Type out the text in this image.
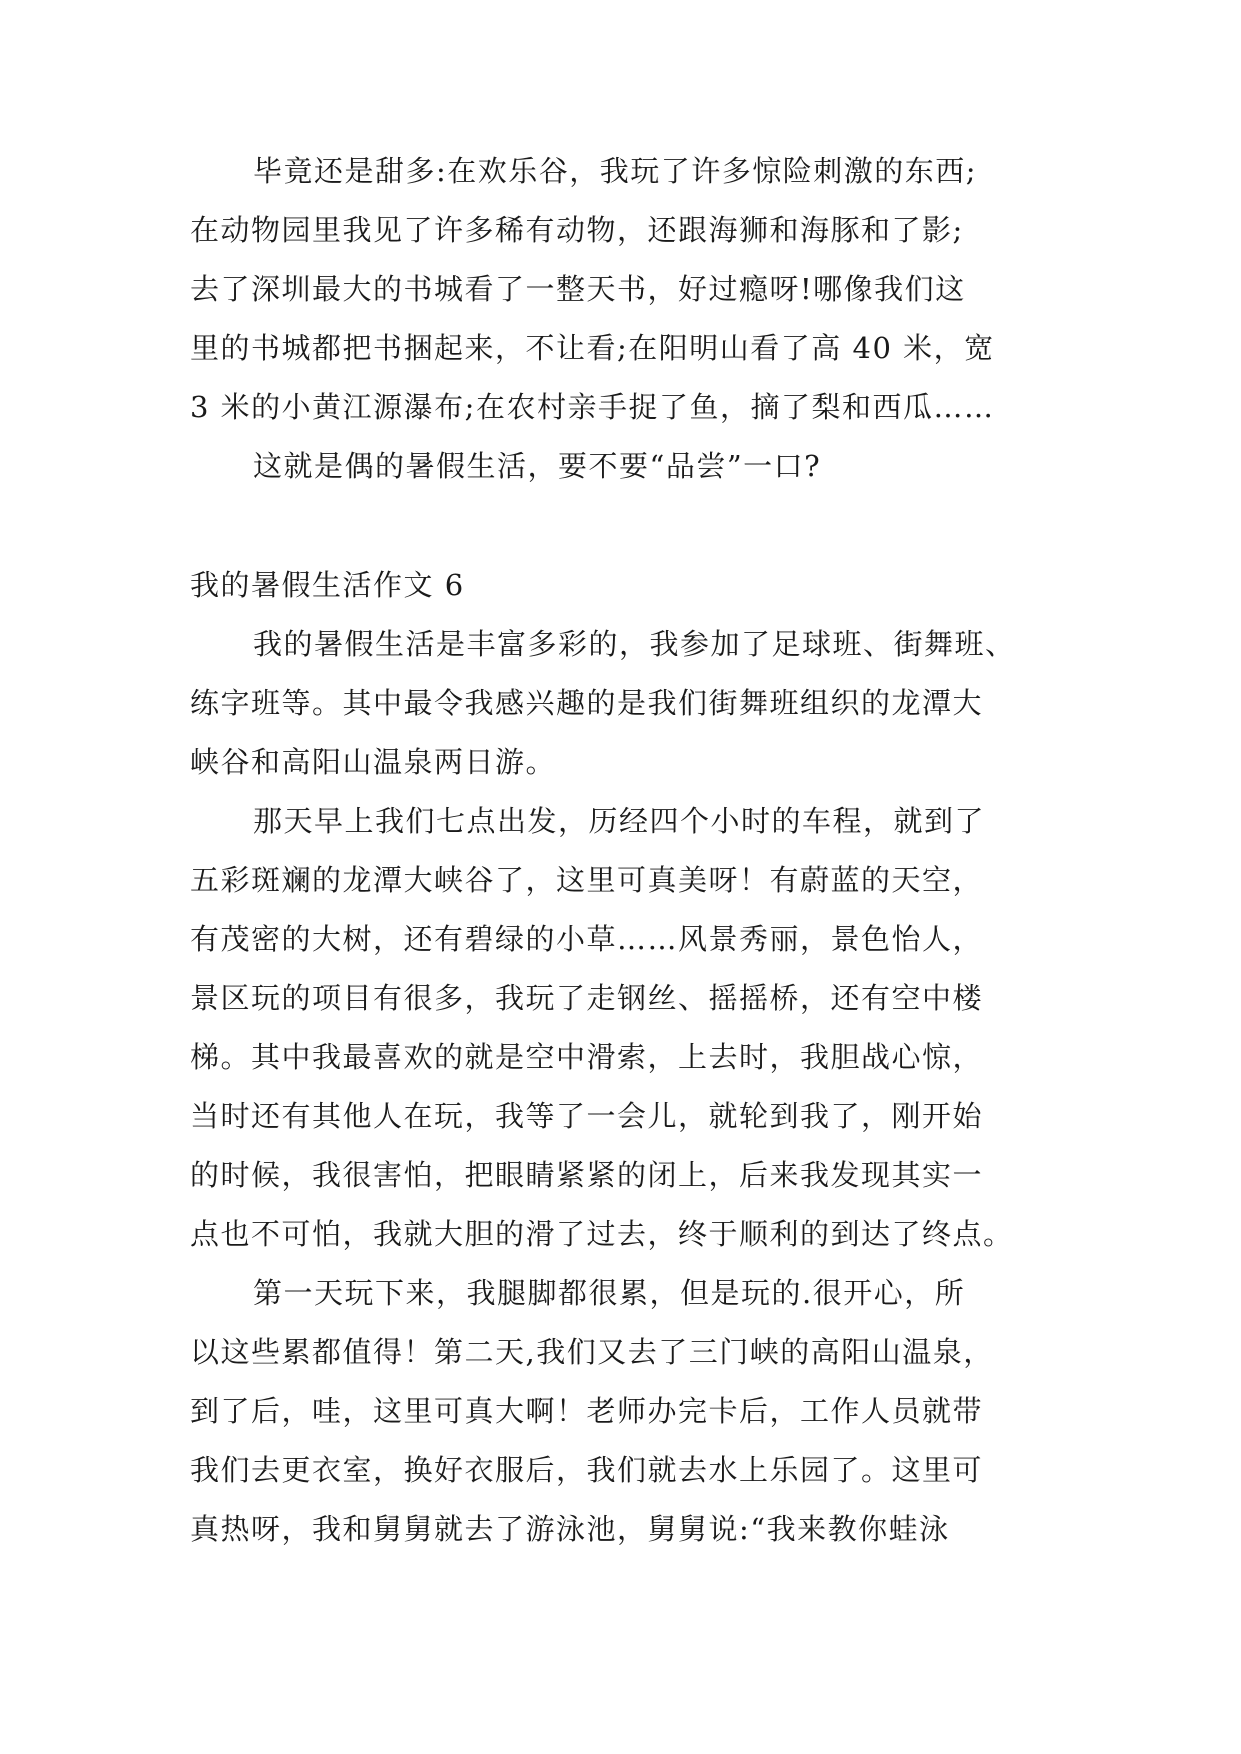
毕竟还是甜多:在欢乐谷，我玩了许多惊险刺激的东西;
在动物园里我见了许多稀有动物，还跟海狮和海豚和了影;
去了深圳最大的书城看了一整天书，好过瘾呀!哪像我们这
里的书城都把书捆起来，不让看;在阳明山看了高 40 米，宽
3 米的小黄江源瀑布;在农村亲手捉了鱼，摘了梨和西瓜……
这就是偶的暑假生活，要不要“品尝”一口?
我的暑假生活作文 6
我的暑假生活是丰富多彩的，我参加了足球班、街舞班、
练字班等。其中最令我感兴趣的是我们街舞班组织的龙潭大
峡谷和高阳山温泉两日游。
那天早上我们七点出发，历经四个小时的车程，就到了
五彩斑斓的龙潭大峡谷了，这里可真美呀！有蔚蓝的天空，
有茂密的大树，还有碧绿的小草……风景秀丽，景色怡人，
景区玩的项目有很多，我玩了走钢丝、摇摇桥，还有空中楼
梯。其中我最喜欢的就是空中滑索，上去时，我胆战心惊，
当时还有其他人在玩，我等了一会儿，就轮到我了，刚开始
的时候，我很害怕，把眼睛紧紧的闭上，后来我发现其实一
点也不可怕，我就大胆的滑了过去，终于顺利的到达了终点。
第一天玩下来，我腿脚都很累，但是玩的.很开心，所
以这些累都值得！第二天,我们又去了三门峡的高阳山温泉，
到了后，哇，这里可真大啊！老师办完卡后，工作人员就带
我们去更衣室，换好衣服后，我们就去水上乐园了。这里可
真热呀，我和舅舅就去了游泳池，舅舅说:“我来教你蛙泳
